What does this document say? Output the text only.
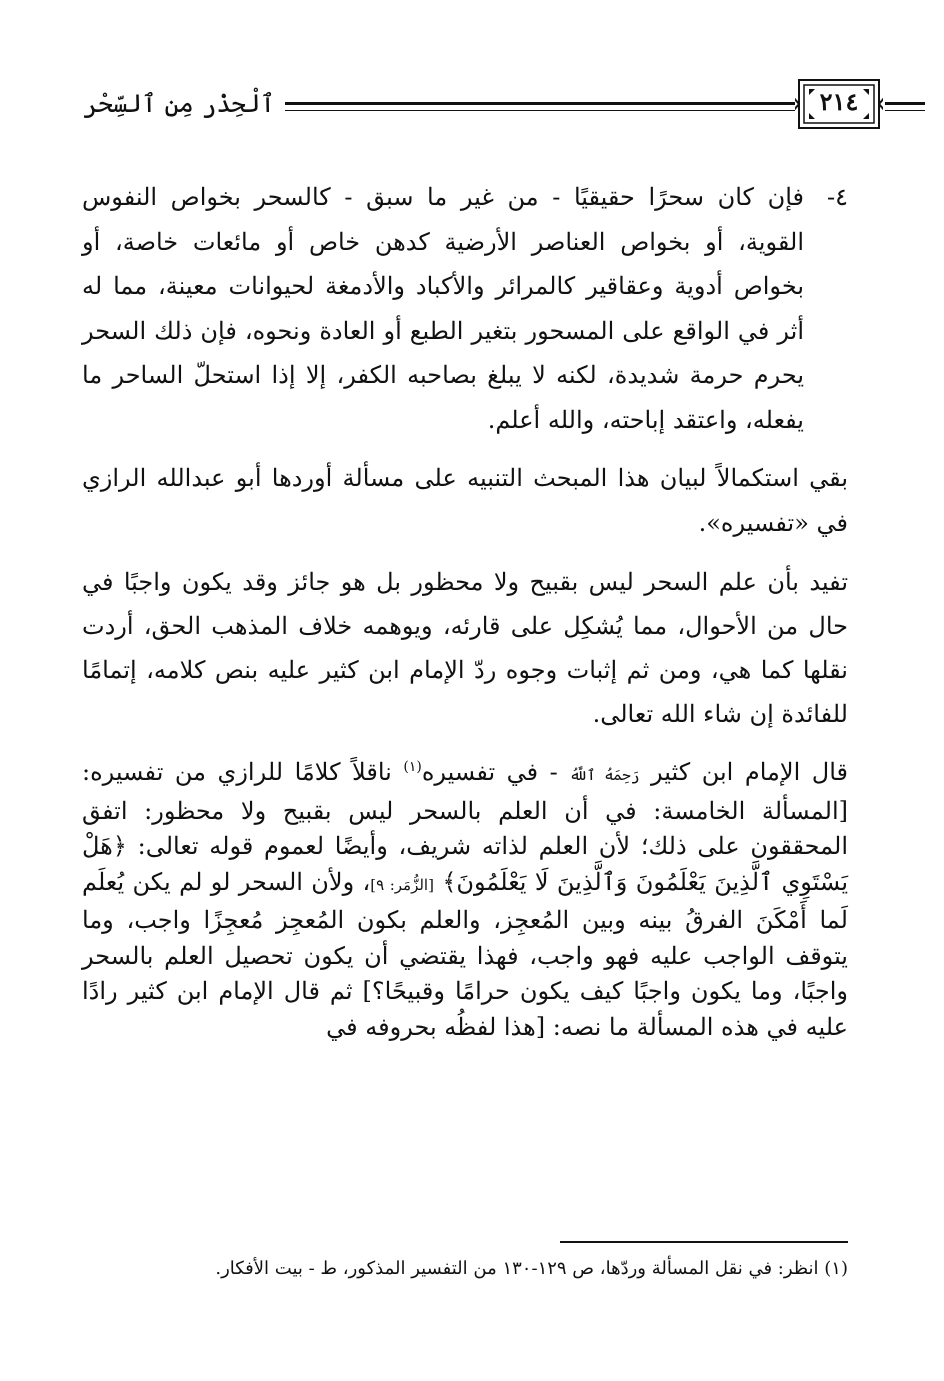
ٱلْحِذْر مِن ٱلسِّحْر	٢١٤
٤-
فإن كان سحرًا حقيقيًا - من غير ما سبق - كالسحر بخواص النفوس القوية، أو بخواص العناصر الأرضية كدهن خاص أو مائعات خاصة، أو بخواص أدوية وعقاقير كالمرائر والأكباد والأدمغة لحيوانات معينة، مما له أثر في الواقع على المسحور بتغير الطبع أو العادة ونحوه، فإن ذلك السحر يحرم حرمة شديدة، لكنه لا يبلغ بصاحبه الكفر، إلا إذا استحلّ الساحر ما يفعله، واعتقد إباحته، والله أعلم.

بقي استكمالاً لبيان هذا المبحث التنبيه على مسألة أوردها أبو عبدالله الرازي في «تفسيره».

تفيد بأن علم السحر ليس بقبيح ولا محظور بل هو جائز وقد يكون واجبًا في حال من الأحوال، مما يُشكِل على قارئه، ويوهمه خلاف المذهب الحق، أردت نقلها كما هي، ومن ثم إثبات وجوه ردّ الإمام ابن كثير عليه بنص كلامه، إتمامًا للفائدة إن شاء الله تعالى.

قال الإمام ابن كثير رَحِمَهُ ٱللَّهُ - في تفسيره$^{(١)}$ ناقلاً كلامًا للرازي من تفسيره: [المسألة الخامسة: في أن العلم بالسحر ليس بقبيح ولا محظور: اتفق المحققون على ذلك؛ لأن العلم لذاته شريف، وأيضًا لعموم قوله تعالى: ﴿هَلْ يَسْتَوِي ٱلَّذِينَ يَعْلَمُونَ وَٱلَّذِينَ لَا يَعْلَمُونَ﴾ [الزُّمَر: ٩]، ولأن السحر لو لم يكن يُعلَم لَما أَمْكَنَ الفرقُ بينه وبين المُعجِز، والعلم بكون المُعجِز مُعجِزًا واجب، وما يتوقف الواجب عليه فهو واجب، فهذا يقتضي أن يكون تحصيل العلم بالسحر واجبًا، وما يكون واجبًا كيف يكون حرامًا وقبيحًا؟] ثم قال الإمام ابن كثير رادًا عليه في هذه المسألة ما نصه: [هذا لفظُه بحروفه في

(١) انظر: في نقل المسألة وردّها، ص ١٢٩-١٣٠ من التفسير المذكور، ط - بيت الأفكار.
